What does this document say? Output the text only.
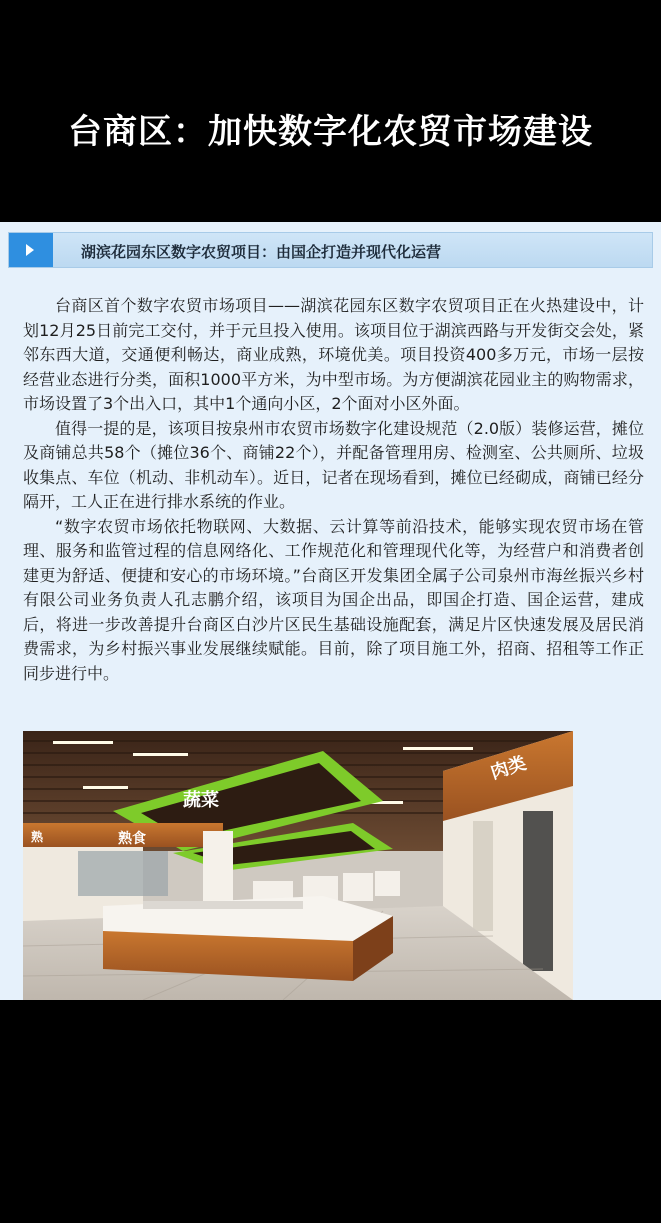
台商区：加快数字化农贸市场建设
湖滨花园东区数字农贸项目：由国企打造并现代化运营

台商区首个数字农贸市场项目——湖滨花园东区数字农贸项目正在火热建设中，计划12月25日前完工交付，并于元旦投入使用。该项目位于湖滨西路与开发街交会处，紧邻东西大道，交通便利畅达，商业成熟，环境优美。项目投资400多万元，市场一层按经营业态进行分类，面积1000平方米，为中型市场。为方便湖滨花园业主的购物需求，市场设置了3个出入口，其中1个通向小区，2个面对小区外面。

值得一提的是，该项目按泉州市农贸市场数字化建设规范（2.0版）装修运营，摊位及商铺总共58个（摊位36个、商铺22个），并配备管理用房、检测室、公共厕所、垃圾收集点、车位（机动、非机动车）。近日，记者在现场看到，摊位已经砌成，商铺已经分隔开，工人正在进行排水系统的作业。

“数字农贸市场依托物联网、大数据、云计算等前沿技术，能够实现农贸市场在管理、服务和监管过程的信息网络化、工作规范化和管理现代化等，为经营户和消费者创建更为舒适、便捷和安心的市场环境。”台商区开发集团全属子公司泉州市海丝振兴乡村有限公司业务负责人孔志鹏介绍，该项目为国企出品，即国企打造、国企运营，建成后，将进一步改善提升台商区白沙片区民生基础设施配套，满足片区快速发展及居民消费需求，为乡村振兴事业发展继续赋能。目前，除了项目施工外，招商、招租等工作正同步进行中。

蔬菜
肉类
熟食
熟
